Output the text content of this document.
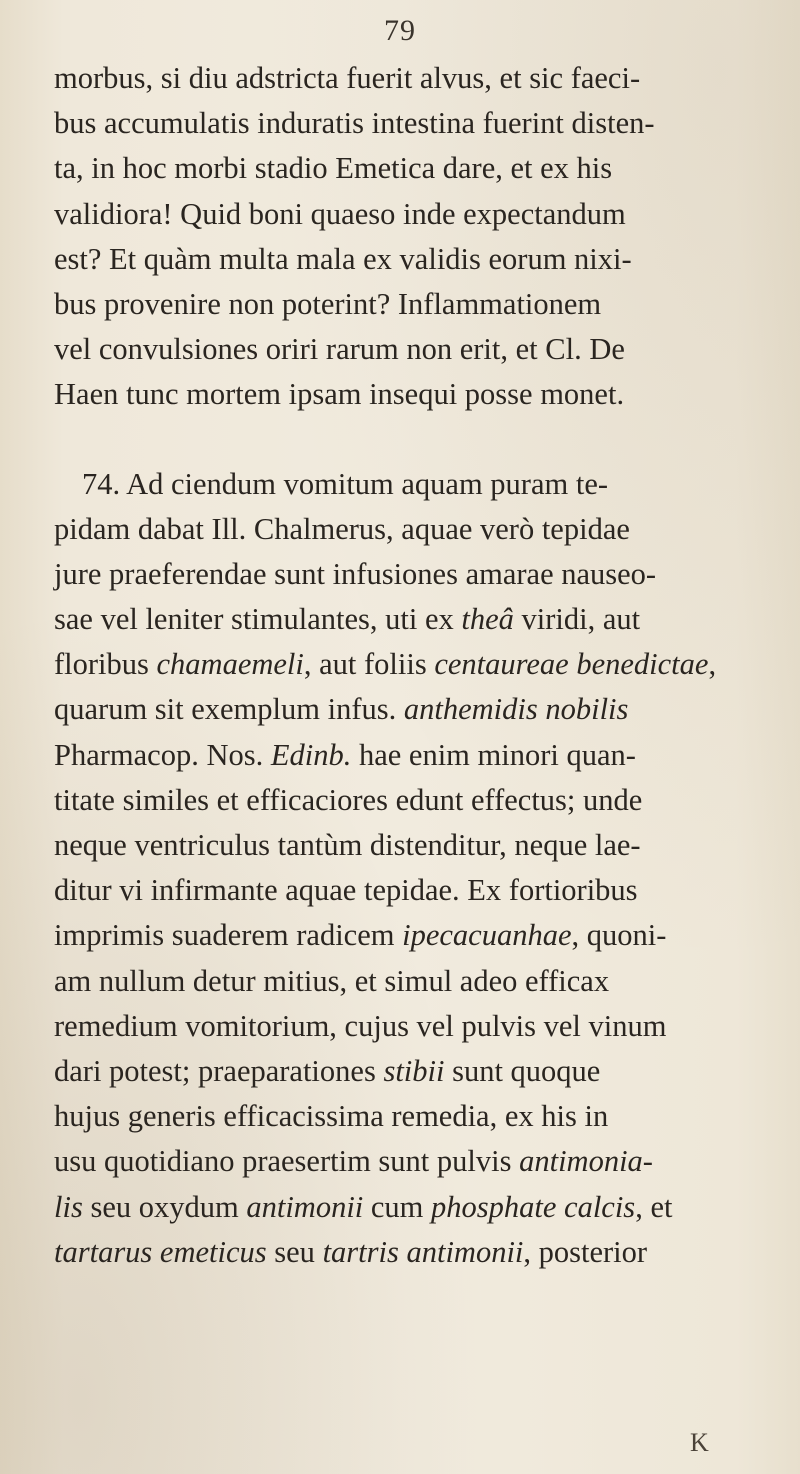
79
morbus, si diu adstricta fuerit alvus, et sic faeci-
bus accumulatis induratis intestina fuerint disten-
ta, in hoc morbi stadio Emetica dare, et ex his
validiora! Quid boni quaeso inde expectandum
est? Et quàm multa mala ex validis eorum nixi-
bus provenire non poterint? Inflammationem
vel convulsiones oriri rarum non erit, et Cl. De
Haen tunc mortem ipsam insequi posse monet.
74. Ad ciendum vomitum aquam puram te-
pidam dabat Ill. Chalmerus, aquae verò tepidae
jure praeferendae sunt infusiones amarae nauseo-
sae vel leniter stimulantes, uti ex theâ viridi, aut
floribus chamaemeli, aut foliis centaureae benedictae,
quarum sit exemplum infus. anthemidis nobilis
Pharmacop. Nos. Edinb. hae enim minori quan-
titate similes et efficaciores edunt effectus; unde
neque ventriculus tantùm distenditur, neque lae-
ditur vi infirmante aquae tepidae. Ex fortioribus
imprimis suaderem radicem ipecacuanhae, quoni-
am nullum detur mitius, et simul adeo efficax
remedium vomitorium, cujus vel pulvis vel vinum
dari potest; praeparationes stibii sunt quoque
hujus generis efficacissima remedia, ex his in
usu quotidiano praesertim sunt pulvis antimonia-
lis seu oxydum antimonii cum phosphate calcis, et
tartarus emeticus seu tartris antimonii, posterior
K
